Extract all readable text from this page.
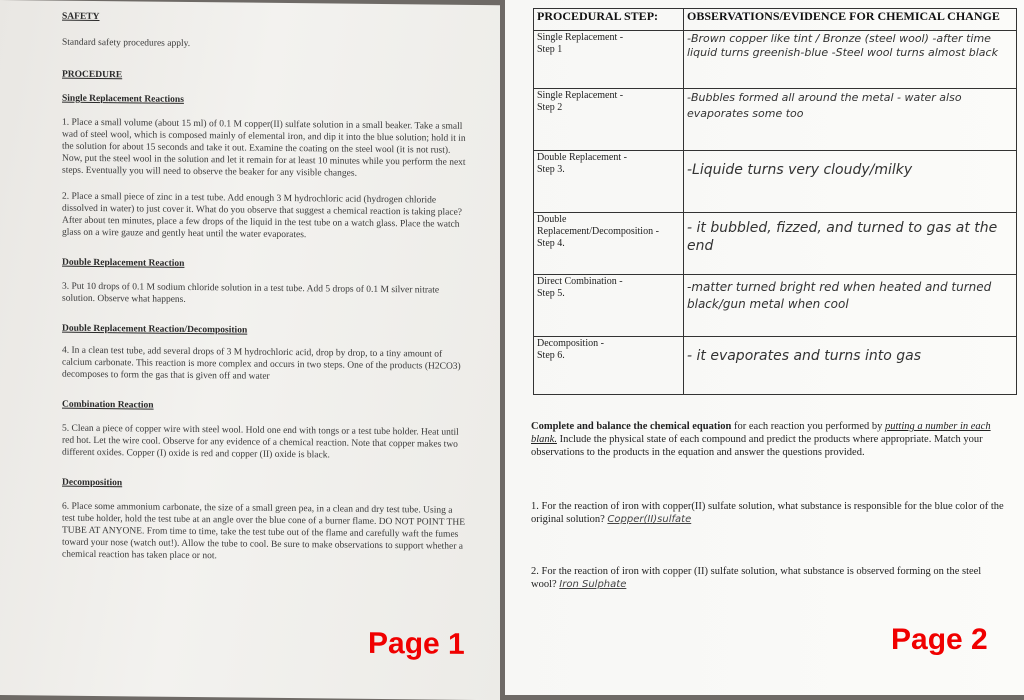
SAFETY
Standard safety procedures apply.
PROCEDURE
Single Replacement Reactions

1. Place a small volume (about 15 ml) of 0.1 M copper(II) sulfate solution in a small beaker. Take a small wad of steel wool, which is composed mainly of elemental iron, and dip it into the blue solution; hold it in the solution for about 15 seconds and take it out. Examine the coating on the steel wool (it is not rust). Now, put the steel wool in the solution and let it remain for at least 10 minutes while you perform the next steps. Eventually you will need to observe the beaker for any visible changes.

2. Place a small piece of zinc in a test tube. Add enough 3 M hydrochloric acid (hydrogen chloride dissolved in water) to just cover it. What do you observe that suggest a chemical reaction is taking place? After about ten minutes, place a few drops of the liquid in the test tube on a watch glass. Place the watch glass on a wire gauze and gently heat until the water evaporates.

Double Replacement Reaction

3. Put 10 drops of 0.1 M sodium chloride solution in a test tube. Add 5 drops of 0.1 M silver nitrate solution. Observe what happens.

Double Replacement Reaction/Decomposition

4. In a clean test tube, add several drops of 3 M hydrochloric acid, drop by drop, to a tiny amount of calcium carbonate. This reaction is more complex and occurs in two steps. One of the products (H2CO3) decomposes to form the gas that is given off and water

Combination Reaction

5. Clean a piece of copper wire with steel wool. Hold one end with tongs or a test tube holder. Heat until red hot. Let the wire cool. Observe for any evidence of a chemical reaction. Note that copper makes two different oxides. Copper (I) oxide is red and copper (II) oxide is black.

Decomposition

6. Place some ammonium carbonate, the size of a small green pea, in a clean and dry test tube. Using a test tube holder, hold the test tube at an angle over the blue cone of a burner flame. DO NOT POINT THE TUBE AT ANYONE. From time to time, take the test tube out of the flame and carefully waft the fumes toward your nose (watch out!). Allow the tube to cool. Be sure to make observations to support whether a chemical reaction has taken place or not.

Page 1
PROCEDURAL STEP:	OBSERVATIONS/EVIDENCE FOR CHEMICAL CHANGE

Single Replacement -
Step 1	-Brown copper like tint / Bronze (steel wool) -after time liquid turns greenish-blue -Steel wool turns almost black

Single Replacement -
Step 2	-Bubbles formed all around the metal - water also evaporates some too

Double Replacement -
Step 3.	-Liquide turns very cloudy/milky

Double Replacement/Decomposition -
Step 4.	- it bubbled, fizzed, and turned to gas at the end

Direct Combination -
Step 5.	-matter turned bright red when heated and turned black/gun metal when cool

Decomposition -
Step 6.	- it evaporates and turns into gas
Complete and balance the chemical equation for each reaction you performed by putting a number in each blank. Include the physical state of each compound and predict the products where appropriate. Match your observations to the products in the equation and answer the questions provided.
1. For the reaction of iron with copper(II) sulfate solution, what substance is responsible for the blue color of the original solution? Copper(II)sulfate
2. For the reaction of iron with copper (II) sulfate solution, what substance is observed forming on the steel wool? Iron Sulphate
Page 2
